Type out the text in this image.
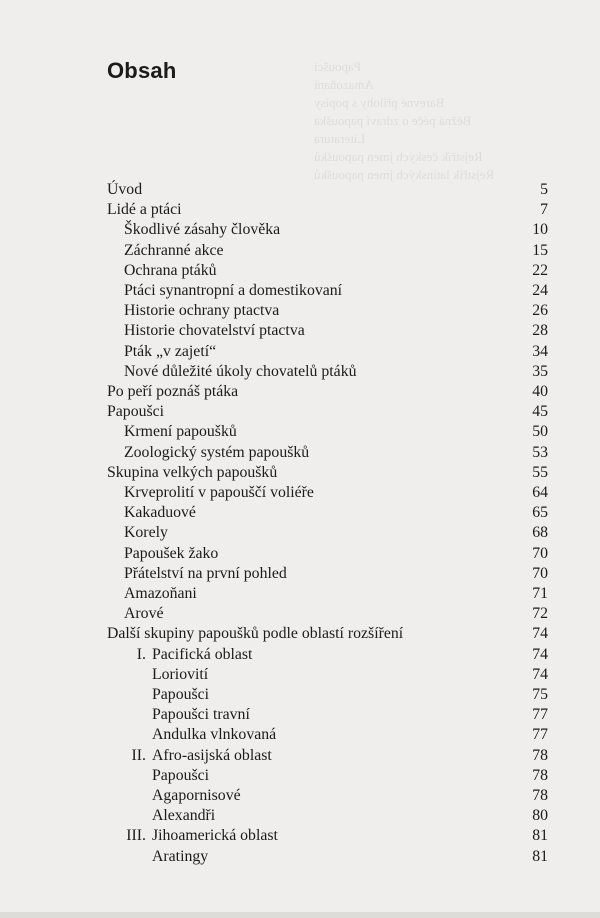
Papoušci
Amazoňani
Barevné přílohy s popisy
Běžná péče o zdraví papouška
Literatura
Rejstřík českých jmen papoušků
Rejstřík latinských jmen papoušků
Obsah
Úvod	5
Lidé a ptáci	7
Škodlivé zásahy člověka	10
Záchranné akce	15
Ochrana ptáků	22
Ptáci synantropní a domestikovaní	24
Historie ochrany ptactva	26
Historie chovatelství ptactva	28
Pták „v zajetí“	34
Nové důležité úkoly chovatelů ptáků	35
Po peří poznáš ptáka	40
Papoušci	45
Krmení papoušků	50
Zoologický systém papoušků	53
Skupina velkých papoušků	55
Krveprolití v papouščí voliéře	64
Kakaduové	65
Korely	68
Papoušek žako	70
Přátelství na první pohled	70
Amazoňani	71
Arové	72
Další skupiny papoušků podle oblastí rozšíření	74
I. Pacifická oblast	74
Loriovití	74
Papoušci	75
Papoušci travní	77
Andulka vlnkovaná	77
II. Afro-asijská oblast	78
Papoušci	78
Agapornisové	78
Alexandři	80
III. Jihoamerická oblast	81
Aratingy	81
